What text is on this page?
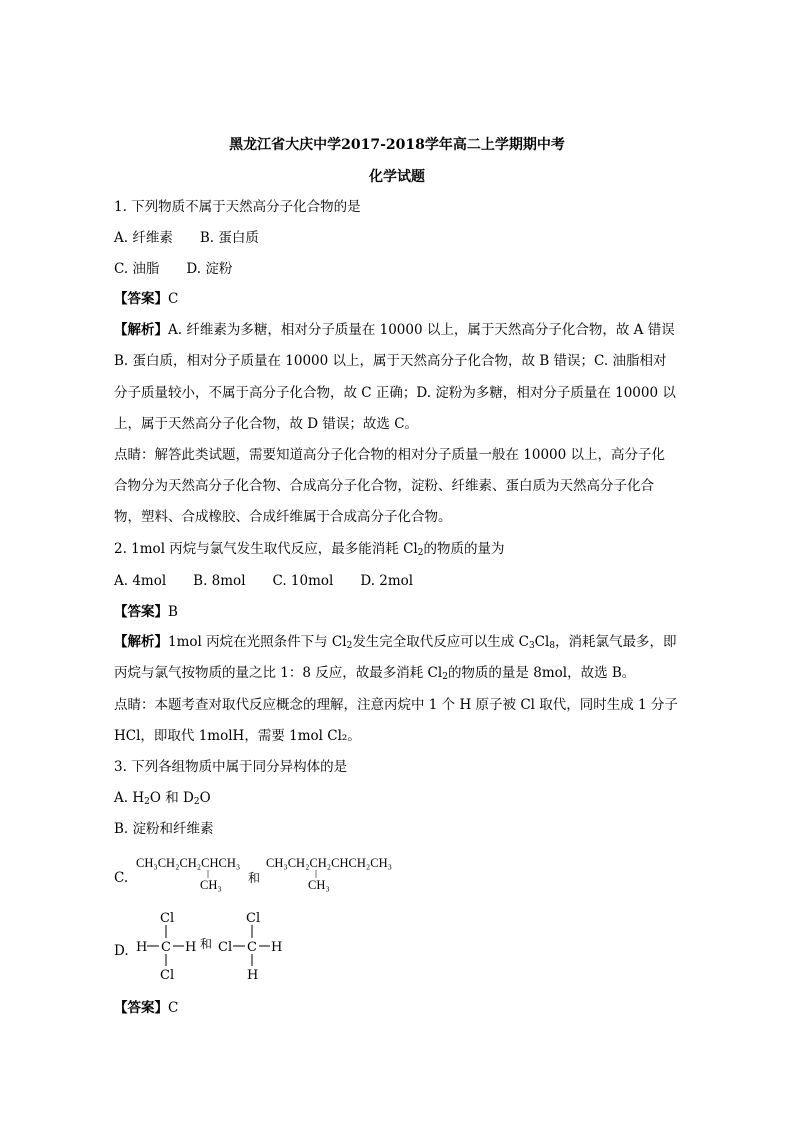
黑龙江省大庆中学2017-2018学年高二上学期期中考
化学试题
1. 下列物质不属于天然高分子化合物的是
A. 纤维素　　B. 蛋白质
C. 油脂　　D. 淀粉
【答案】C
【解析】A. 纤维素为多糖，相对分子质量在 10000 以上，属于天然高分子化合物，故 A 错误
B. 蛋白质，相对分子质量在 10000 以上，属于天然高分子化合物，故 B 错误；C. 油脂相对
分子质量较小，不属于高分子化合物，故 C 正确；D. 淀粉为多糖，相对分子质量在 10000 以
上，属于天然高分子化合物，故 D 错误；故选 C。
点睛：解答此类试题，需要知道高分子化合物的相对分子质量一般在 10000 以上，高分子化
合物分为天然高分子化合物、合成高分子化合物，淀粉、纤维素、蛋白质为天然高分子化合
物，塑料、合成橡胶、合成纤维属于合成高分子化合物。
2. 1mol 丙烷与氯气发生取代反应，最多能消耗 $Cl_2$的物质的量为
A. 4mol　　B. 8mol　　C. 10mol　　D. 2mol
【答案】B
【解析】1mol 丙烷在光照条件下与 $Cl_2$发生完全取代反应可以生成 $C_3Cl_8$，消耗氯气最多，即
丙烷与氯气按物质的量之比 1：8 反应，故最多消耗 $Cl_2$的物质的量是 8mol，故选 B。
点睛：本题考查对取代反应概念的理解，注意丙烷中 1 个 H 原子被 Cl 取代，同时生成 1 分子
HCl，即取代 1molH，需要 1mol Cl₂。
3. 下列各组物质中属于同分异构体的是
A. $H_2O$ 和 $D_2O$
B. 淀粉和纤维素
C.
CH₃CH₂CH₂CHCH₃
CH₃ 和
CH₃CH₂CH₂CHCH₂CH₃
CH₃
D.
Cl
H C H
Cl
和
Cl
Cl C H
H
【答案】C
